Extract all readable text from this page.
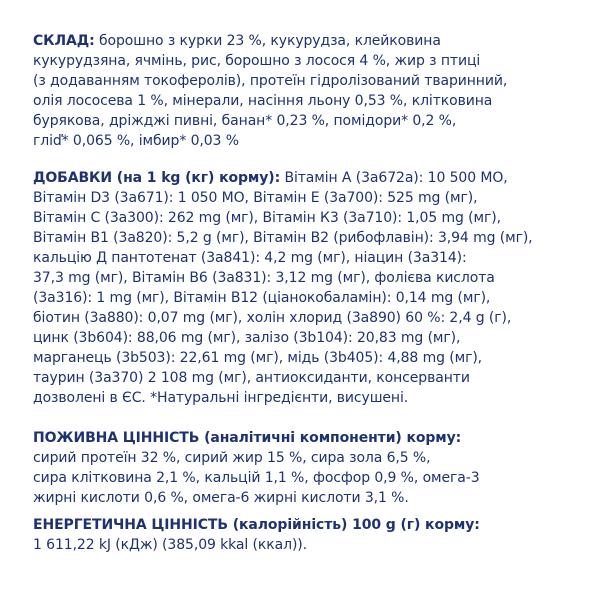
СКЛАД: борошно з курки 23 %, кукурудза, клейковина
кукурудзяна, ячмінь, рис, борошно з лосося 4 %, жир з птиці
(з додаванням токоферолів), протеїн гідролізований тваринний,
олія лососева 1 %, мінерали, насіння льону 0,53 %, клітковина
бурякова, дріжджі пивні, банан* 0,23 %, помідори* 0,2 %,
гліď* 0,065 %, імбир* 0,03 %
ДОБАВКИ (на 1 kg (кг) корму): Вітамін А (3а672а): 10 500 МО,
Вітамін D3 (3а671): 1 050 МО, Вітамін Е (3а700): 525 mg (мг),
Вітамін С (3а300): 262 mg (мг), Вітамін К3 (3а710): 1,05 mg (мг),
Вітамін В1 (3а820): 5,2 g (мг), Вітамін В2 (рибофлавін): 3,94 mg (мг),
кальцію Д пантотенат (3а841): 4,2 mg (мг), ніацин (3а314):
37,3 mg (мг), Вітамін В6 (3а831): 3,12 mg (мг), фолієва кислота
(3а316): 1 mg (мг), Вітамін В12 (ціанокобаламін): 0,14 mg (мг),
біотин (3а880): 0,07 mg (мг), холін хлорид (3а890) 60 %: 2,4 g (г),
цинк (3b604): 88,06 mg (мг), залізо (3b104): 20,83 mg (мг),
марганець (3b503): 22,61 mg (мг), мідь (3b405): 4,88 mg (мг),
таурин (3а370) 2 108 mg (мг), антиоксиданти, консерванти
дозволені в ЄС. *Натуральні інгредієнти, висушені.
ПОЖИВНА ЦІННІСТЬ (аналітичні компоненти) корму:
сирий протеїн 32 %, сирий жир 15 %, сира зола 6,5 %,
сира клітковина 2,1 %, кальцій 1,1 %, фосфор 0,9 %, омега-3
жирні кислоти 0,6 %, омега-6 жирні кислоти 3,1 %.
ЕНЕРГЕТИЧНА ЦІННІСТЬ (калорійність) 100 g (г) корму:
1 611,22 kJ (кДж) (385,09 kkal (ккал)).
